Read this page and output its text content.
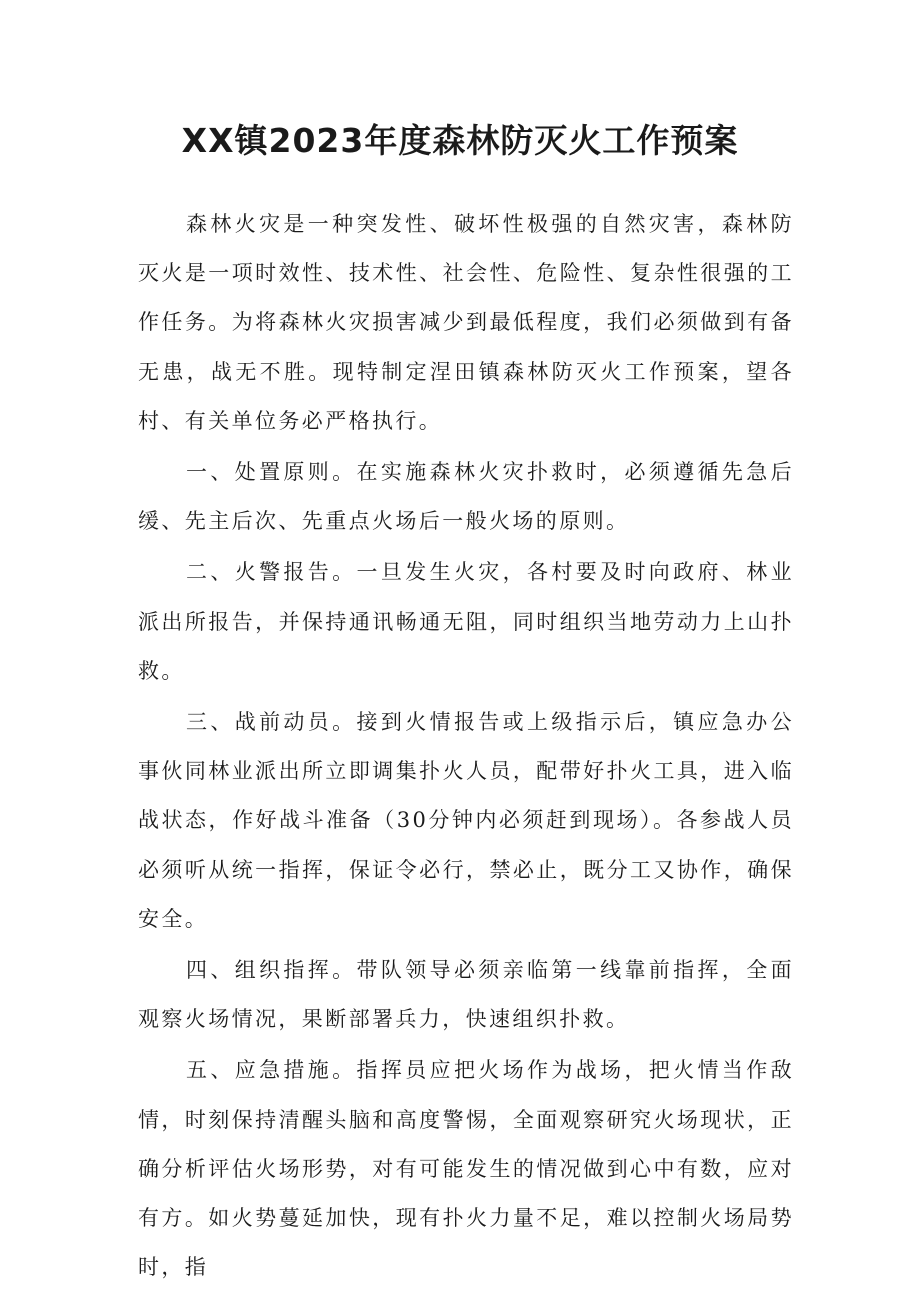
XX镇2023年度森林防灭火工作预案

森林火灾是一种突发性、破坏性极强的自然灾害，森林防灭火是一项时效性、技术性、社会性、危险性、复杂性很强的工作任务。为将森林火灾损害减少到最低程度，我们必须做到有备无患，战无不胜。现特制定涅田镇森林防灭火工作预案，望各村、有关单位务必严格执行。

一、处置原则。在实施森林火灾扑救时，必须遵循先急后缓、先主后次、先重点火场后一般火场的原则。

二、火警报告。一旦发生火灾，各村要及时向政府、林业派出所报告，并保持通讯畅通无阻，同时组织当地劳动力上山扑救。

三、战前动员。接到火情报告或上级指示后，镇应急办公事伙同林业派出所立即调集扑火人员，配带好扑火工具，进入临战状态，作好战斗准备（30分钟内必须赶到现场）。各参战人员必须听从统一指挥，保证令必行，禁必止，既分工又协作，确保安全。

四、组织指挥。带队领导必须亲临第一线靠前指挥，全面观察火场情况，果断部署兵力，快速组织扑救。

五、应急措施。指挥员应把火场作为战场，把火情当作敌情，时刻保持清醒头脑和高度警惕，全面观察研究火场现状，正确分析评估火场形势，对有可能发生的情况做到心中有数，应对有方。如火势蔓延加快，现有扑火力量不足，难以控制火场局势时，指
